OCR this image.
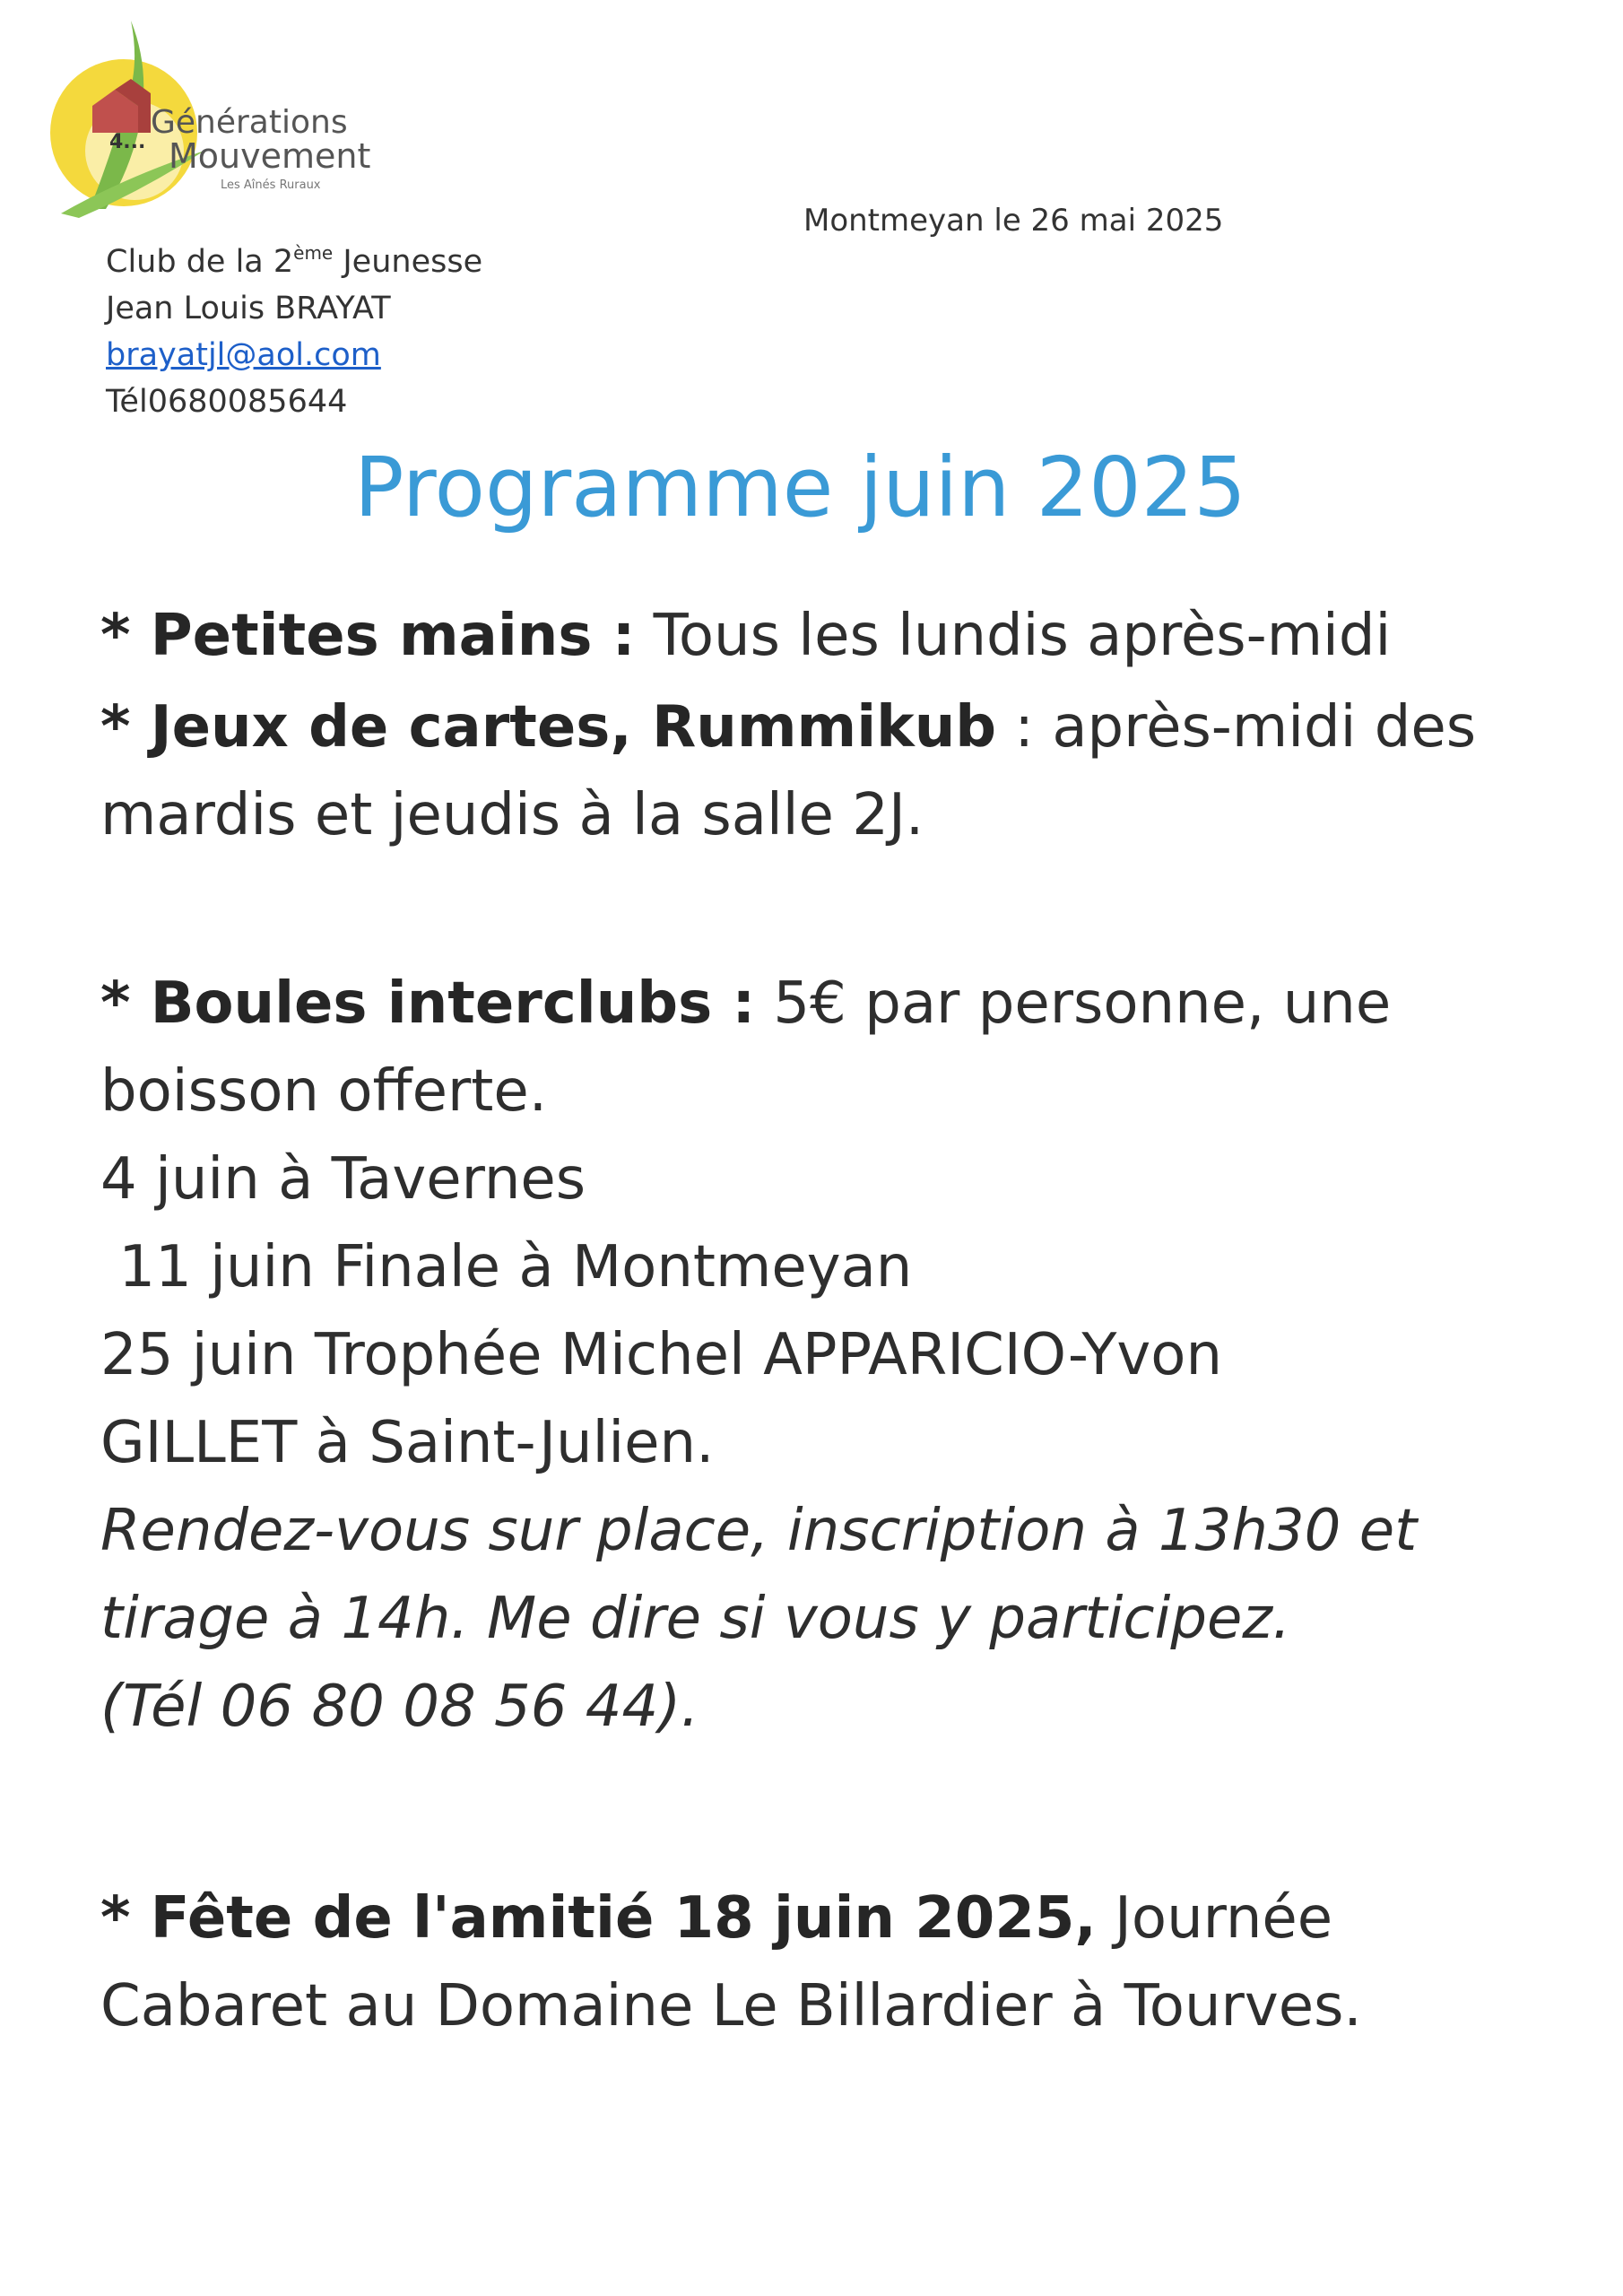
4...
Générations
Mouvement
Les Aînés Ruraux
Montmeyan le 26 mai 2025
Club de la 2ème Jeunesse
Jean Louis BRAYAT
brayatjl@aol.com
Tél0680085644
Programme juin 2025
* Petites mains : Tous les lundis après-midi
* Jeux de cartes, Rummikub : après-midi des
mardis et jeudis à la salle 2J.
* Boules interclubs : 5€ par personne, une
boisson offerte.
4 juin à Tavernes
11 juin Finale à Montmeyan
25 juin Trophée Michel APPARICIO-Yvon
GILLET à Saint-Julien.
Rendez-vous sur place, inscription à 13h30 et
tirage à 14h. Me dire si vous y participez.
(Tél 06 80 08 56 44).
* Fête de l'amitié 18 juin 2025, Journée
Cabaret au Domaine Le Billardier à Tourves.
